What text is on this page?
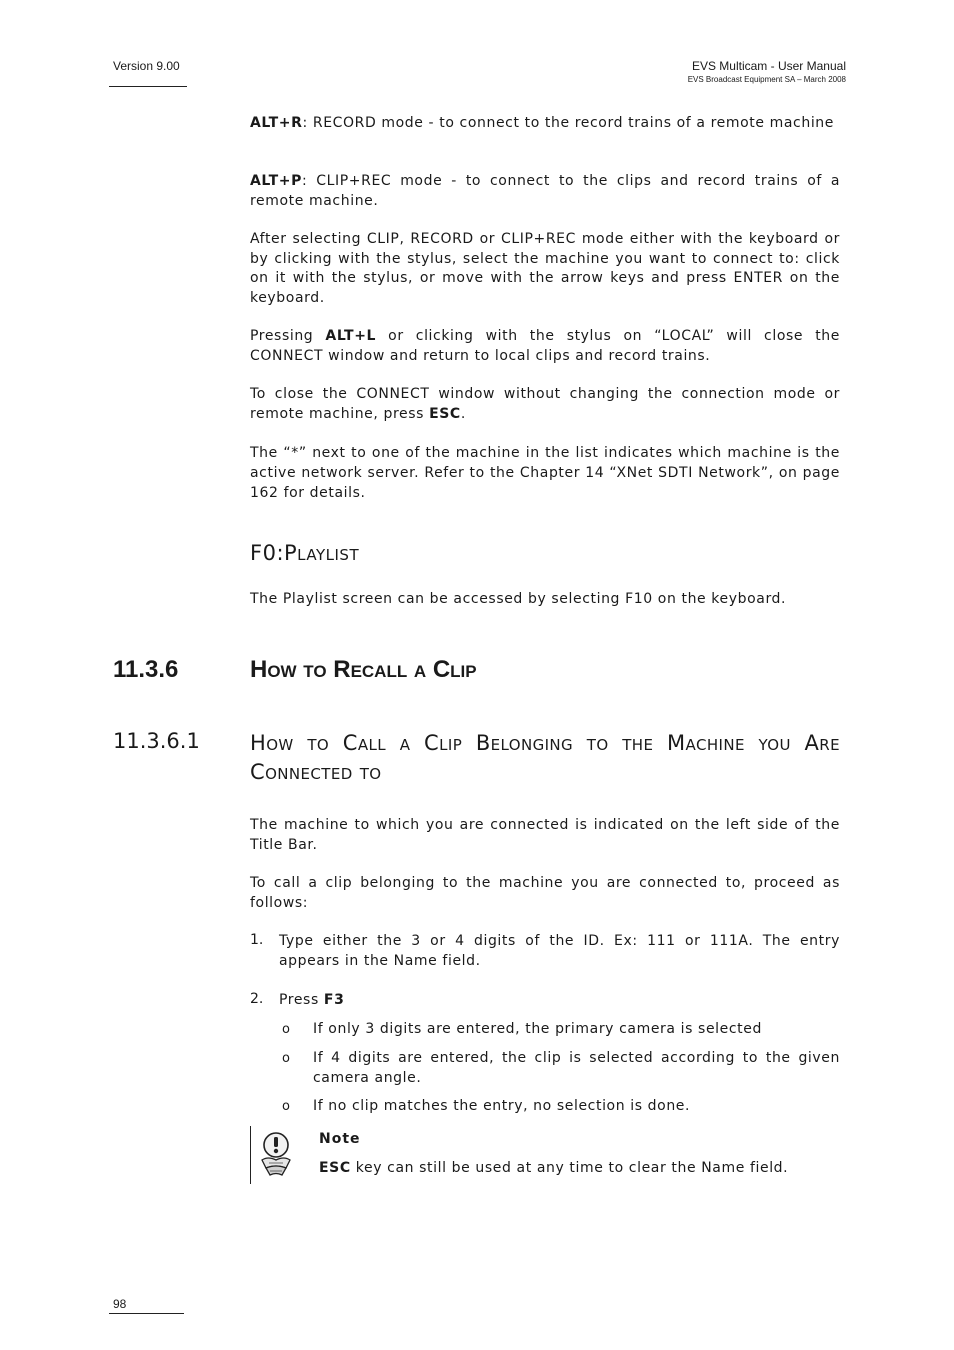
Version 9.00	EVS Multicam - User Manual
EVS Broadcast Equipment SA – March 2008
ALT+R: RECORD mode - to connect to the record trains of a remote machine
ALT+P: CLIP+REC mode - to connect to the clips and record trains of a remote machine.
After selecting CLIP, RECORD or CLIP+REC mode either with the keyboard or by clicking with the stylus, select the machine you want to connect to: click on it with the stylus, or move with the arrow keys and press ENTER on the keyboard.
Pressing ALT+L or clicking with the stylus on “LOCAL” will close the CONNECT window and return to local clips and record trains.
To close the CONNECT window without changing the connection mode or remote machine, press ESC.
The “*” next to one of the machine in the list indicates which machine is the active network server. Refer to the Chapter 14 “XNet SDTI Network”, on page 162 for details.
F0:Playlist
The Playlist screen can be accessed by selecting F10 on the keyboard.
11.3.6	How to Recall a Clip
11.3.6.1 How to Call a Clip Belonging to the Machine you Are Connected to
The machine to which you are connected is indicated on the left side of the Title Bar.
To call a clip belonging to the machine you are connected to, proceed as follows:
1. Type either the 3 or 4 digits of the ID. Ex: 111 or 111A. The entry appears in the Name field.
2. Press F3
o If only 3 digits are entered, the primary camera is selected
o If 4 digits are entered, the clip is selected according to the given camera angle.
o If no clip matches the entry, no selection is done.
Note
ESC key can still be used at any time to clear the Name field.
98
